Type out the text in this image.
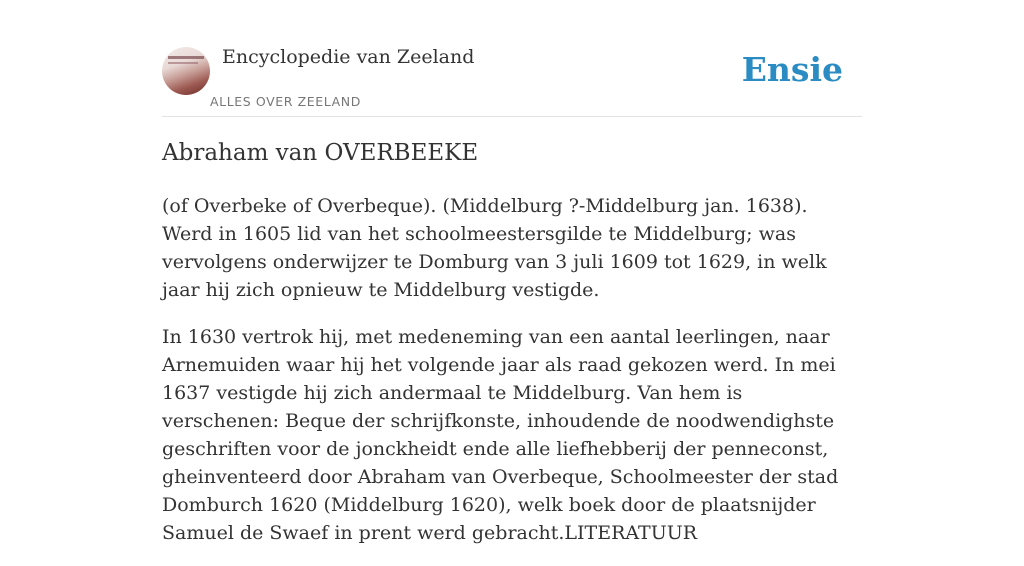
Encyclopedie van Zeeland
ALLES OVER ZEELAND
Ensie
Abraham van OVERBEEKE

(of Overbeke of Overbeque). (Middelburg ?-Middelburg jan. 1638). Werd in 1605 lid van het schoolmeestersgilde te Middelburg; was vervolgens onderwijzer te Domburg van 3 juli 1609 tot 1629, in welk jaar hij zich opnieuw te Middelburg vestigde.

In 1630 vertrok hij, met medeneming van een aantal leerlingen, naar Arnemuiden waar hij het volgende jaar als raad gekozen werd. In mei 1637 vestigde hij zich andermaal te Middelburg. Van hem is verschenen: Beque der schrijfkonste, inhoudende de noodwendighste geschriften voor de jonckheidt ende alle liefhebberij der penneconst, gheinventeerd door Abraham van Overbeque, Schoolmeester der stad Domburch 1620 (Middelburg 1620), welk boek door de plaatsnijder Samuel de Swaef in prent werd gebracht.LITERATUUR
